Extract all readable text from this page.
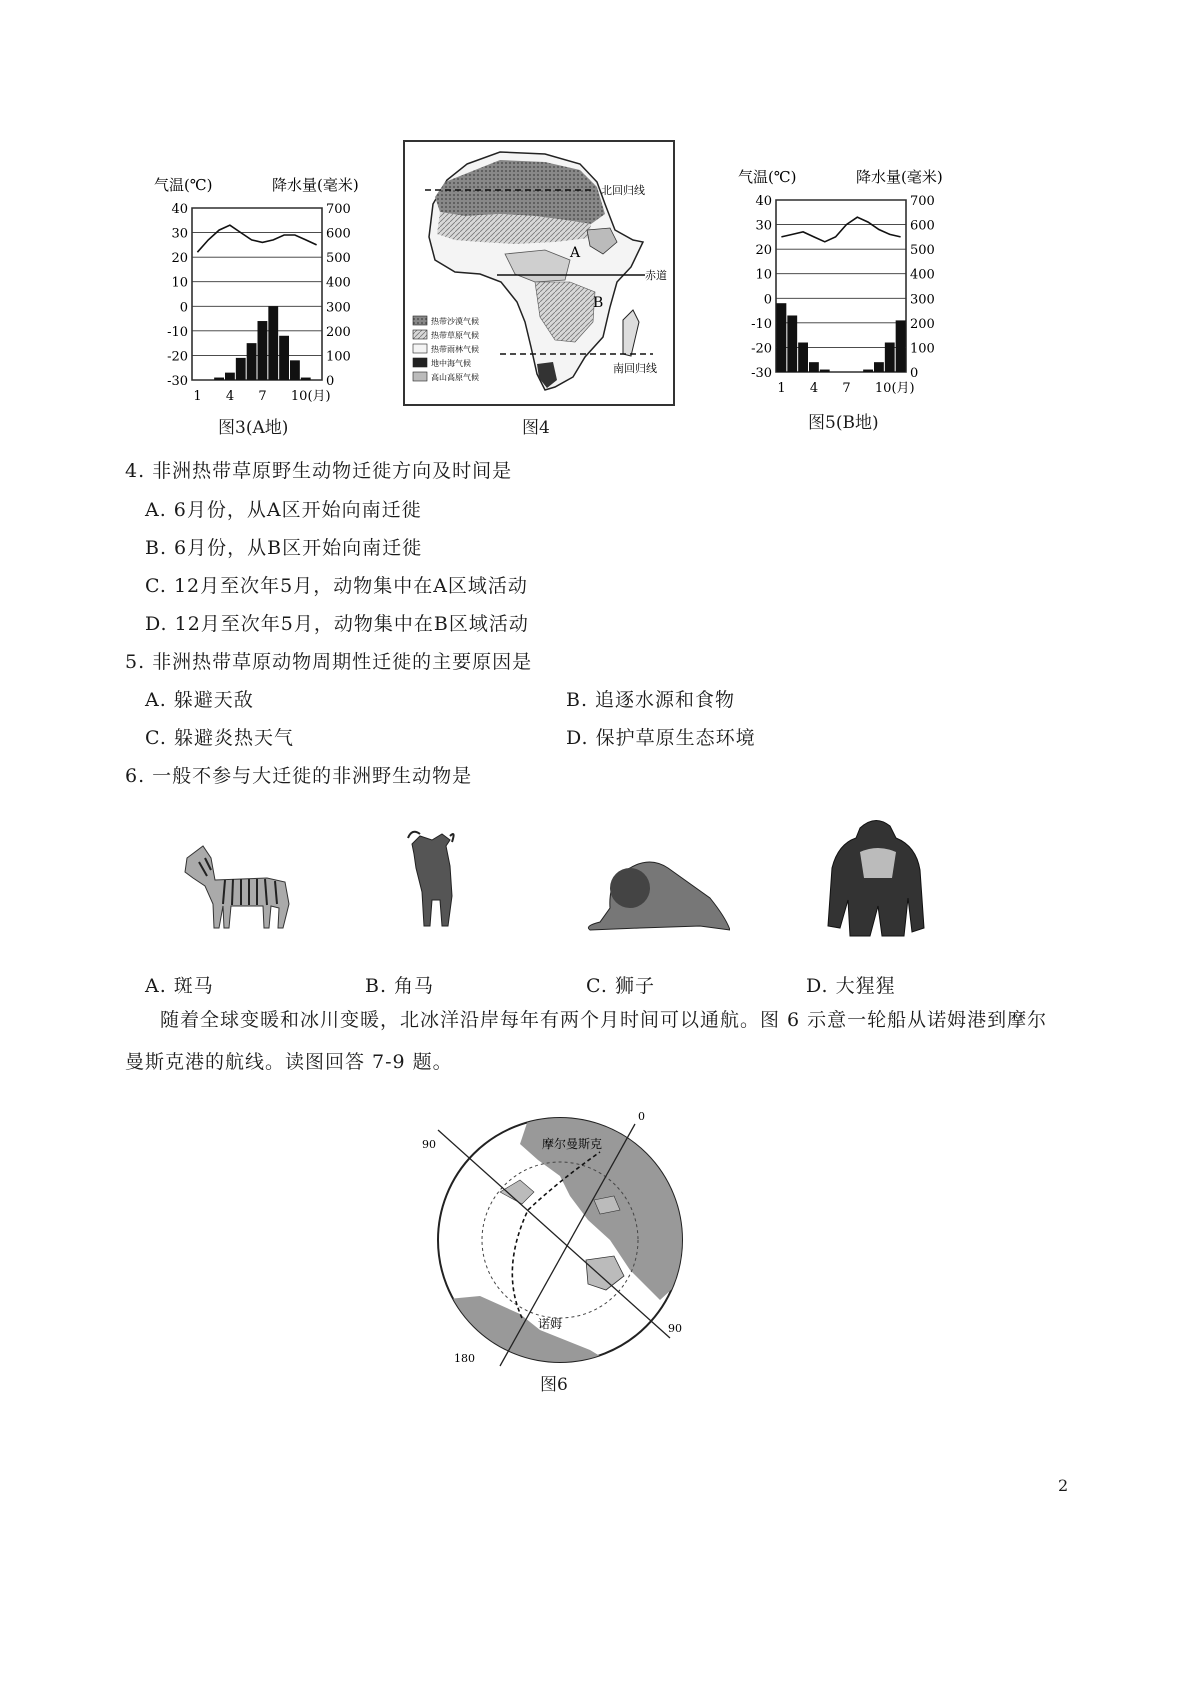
气温(℃)	降水量(毫米)
40	700
30	600
20	500
10	400
0	300
-10	200
-20	100
-30	0
1 4 7 10(月)
图3(A地)
北回归线
赤道
南回归线
A
B
热带沙漠气候
热带草原气候
热带雨林气候
地中海气候
高山高原气候
图4
气温(℃)	降水量(毫米)
40	700
30	600
20	500
10	400
0	300
-10	200
-20	100
-30	0
1 4 7 10(月)
图5(B地)
4. 非洲热带草原野生动物迁徙方向及时间是
A. 6月份，从A区开始向南迁徙
B. 6月份，从B区开始向南迁徙
C. 12月至次年5月，动物集中在A区域活动
D. 12月至次年5月，动物集中在B区域活动
5. 非洲热带草原动物周期性迁徙的主要原因是
A. 躲避天敌	B. 追逐水源和食物
C. 躲避炎热天气	D. 保护草原生态环境
6. 一般不参与大迁徙的非洲野生动物是
A. 斑马	B. 角马	C. 狮子	D. 大猩猩
随着全球变暖和冰川变暖，北冰洋沿岸每年有两个月时间可以通航。图 6 示意一轮船从诺姆港到摩尔
曼斯克港的航线。读图回答 7-9 题。
0
90
90
180
摩尔曼斯克
诺姆
图6
2
